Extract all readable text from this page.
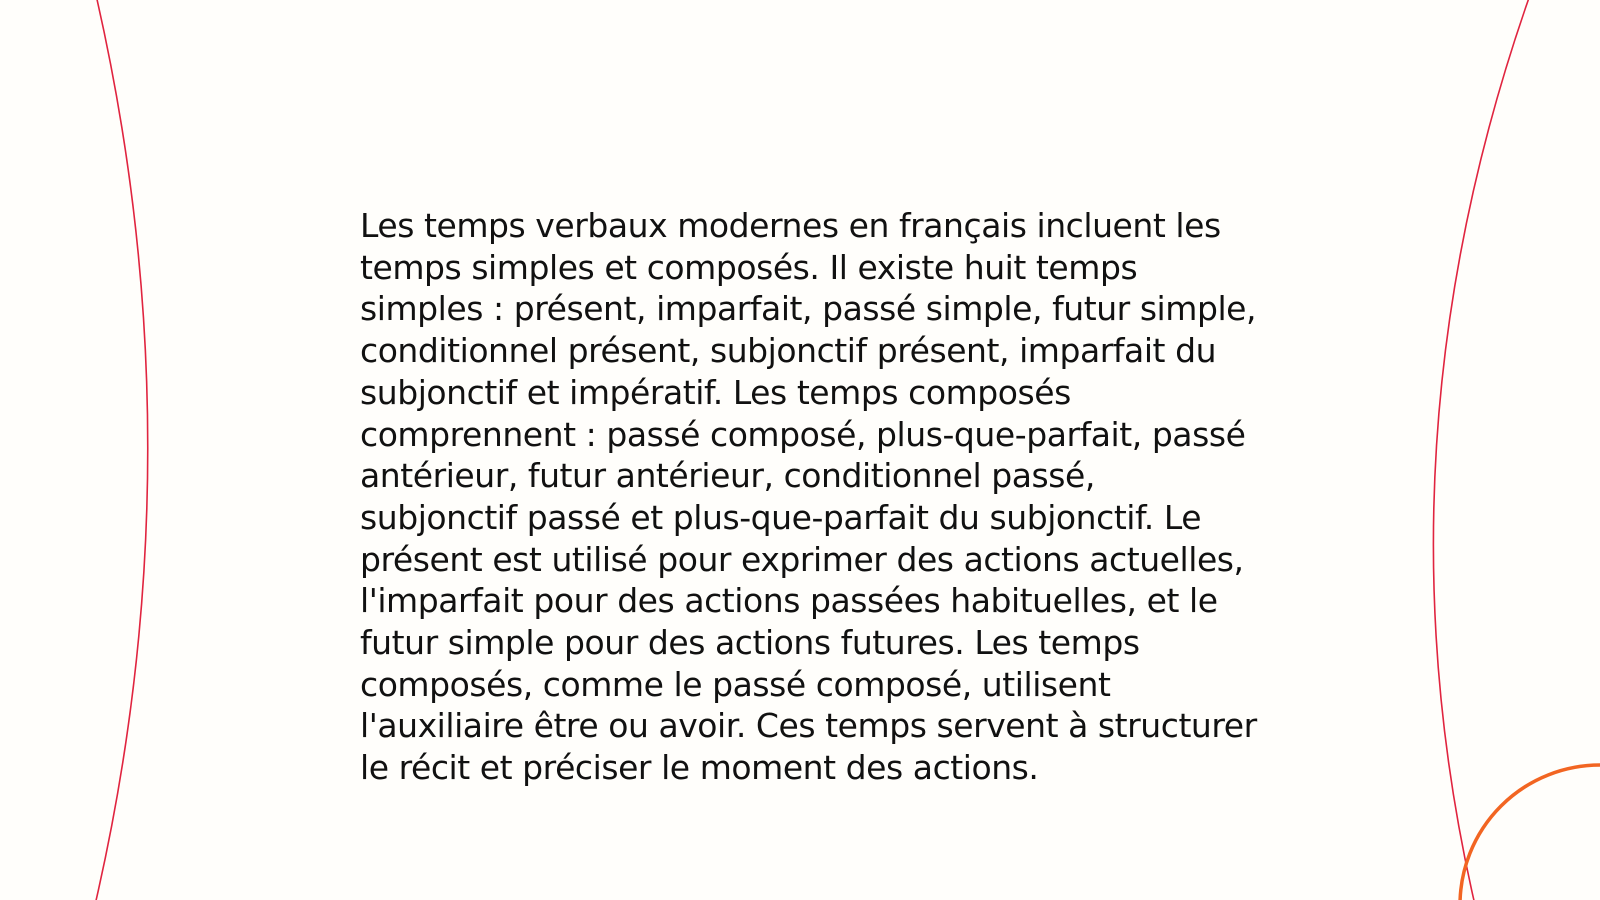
Les temps verbaux modernes en français incluent les temps simples et composés. Il existe huit temps simples : présent, imparfait, passé simple, futur simple, conditionnel présent, subjonctif présent, imparfait du subjonctif et impératif. Les temps composés comprennent : passé composé, plus-que-parfait, passé antérieur, futur antérieur, conditionnel passé, subjonctif passé et plus-que-parfait du subjonctif. Le présent est utilisé pour exprimer des actions actuelles, l'imparfait pour des actions passées habituelles, et le futur simple pour des actions futures. Les temps composés, comme le passé composé, utilisent l'auxiliaire être ou avoir. Ces temps servent à structurer le récit et préciser le moment des actions.
